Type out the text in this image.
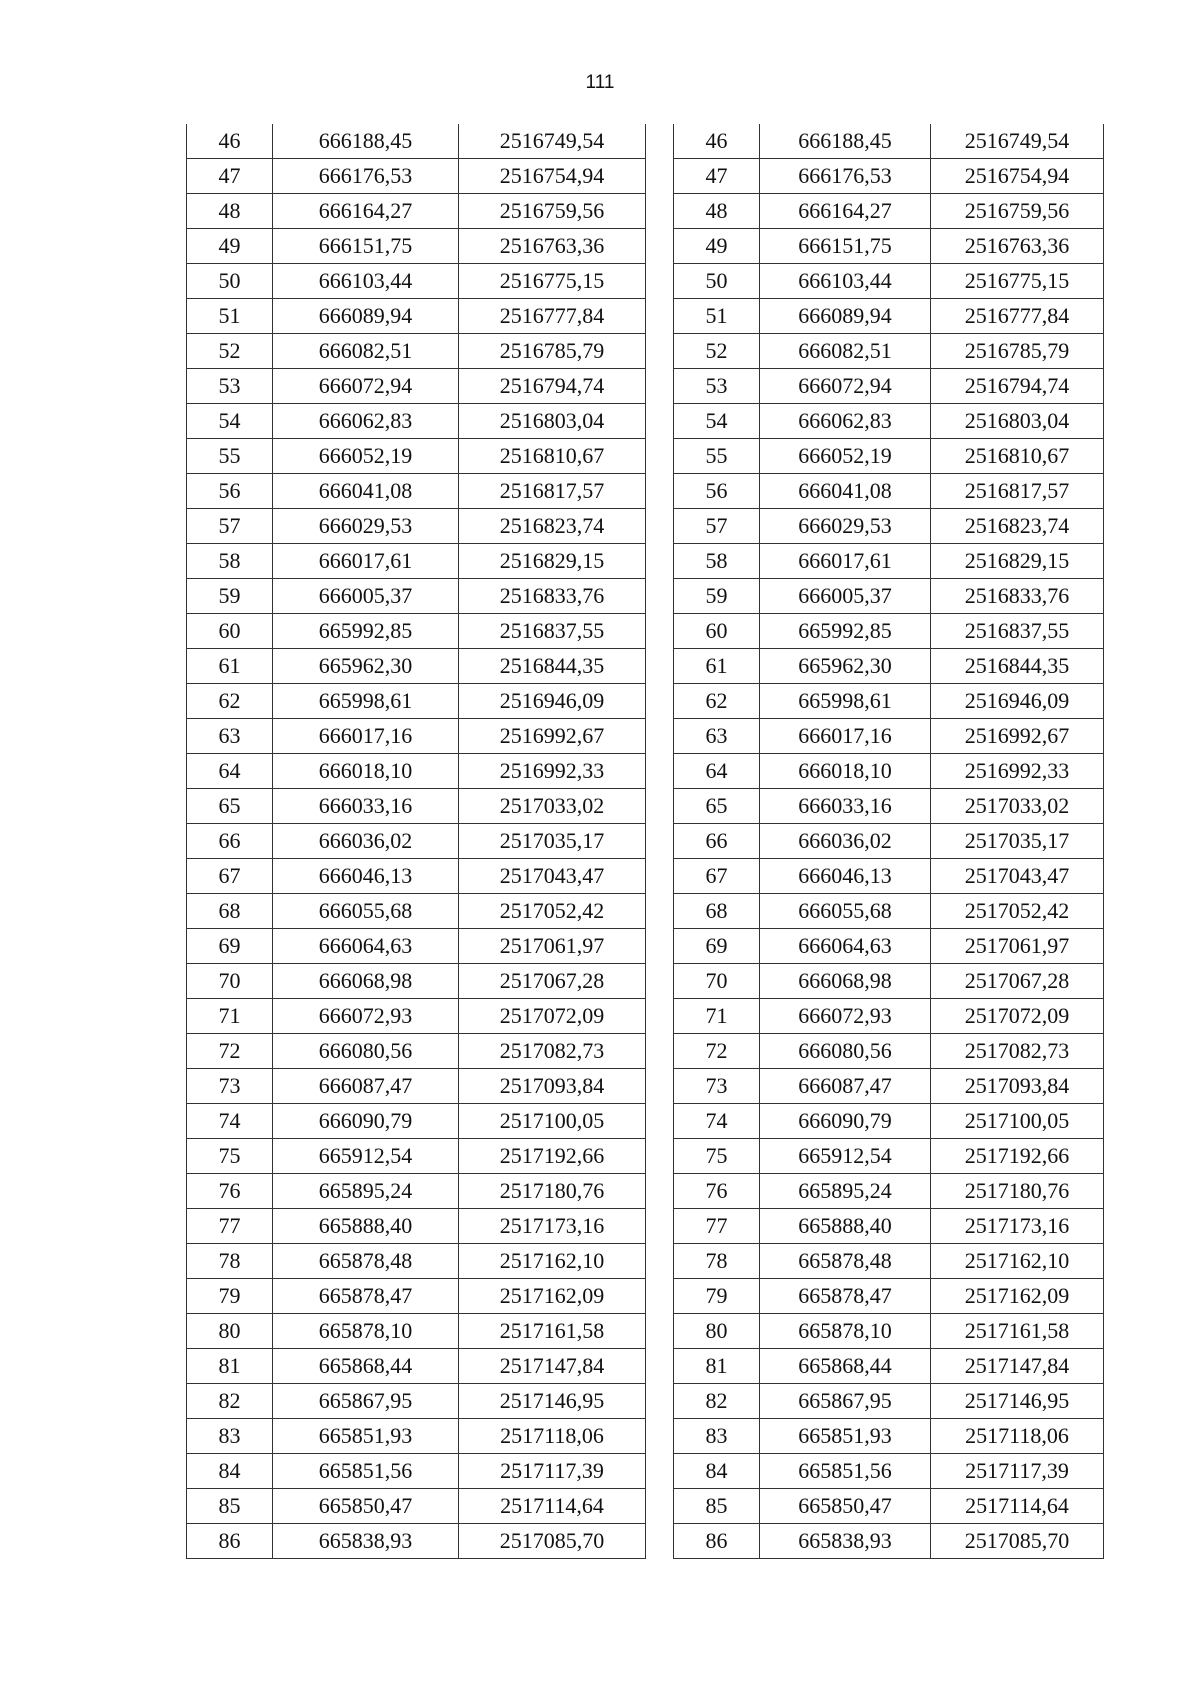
111
46	666188,45	2516749,54
47	666176,53	2516754,94
48	666164,27	2516759,56
49	666151,75	2516763,36
50	666103,44	2516775,15
51	666089,94	2516777,84
52	666082,51	2516785,79
53	666072,94	2516794,74
54	666062,83	2516803,04
55	666052,19	2516810,67
56	666041,08	2516817,57
57	666029,53	2516823,74
58	666017,61	2516829,15
59	666005,37	2516833,76
60	665992,85	2516837,55
61	665962,30	2516844,35
62	665998,61	2516946,09
63	666017,16	2516992,67
64	666018,10	2516992,33
65	666033,16	2517033,02
66	666036,02	2517035,17
67	666046,13	2517043,47
68	666055,68	2517052,42
69	666064,63	2517061,97
70	666068,98	2517067,28
71	666072,93	2517072,09
72	666080,56	2517082,73
73	666087,47	2517093,84
74	666090,79	2517100,05
75	665912,54	2517192,66
76	665895,24	2517180,76
77	665888,40	2517173,16
78	665878,48	2517162,10
79	665878,47	2517162,09
80	665878,10	2517161,58
81	665868,44	2517147,84
82	665867,95	2517146,95
83	665851,93	2517118,06
84	665851,56	2517117,39
85	665850,47	2517114,64
86	665838,93	2517085,70
46	666188,45	2516749,54
47	666176,53	2516754,94
48	666164,27	2516759,56
49	666151,75	2516763,36
50	666103,44	2516775,15
51	666089,94	2516777,84
52	666082,51	2516785,79
53	666072,94	2516794,74
54	666062,83	2516803,04
55	666052,19	2516810,67
56	666041,08	2516817,57
57	666029,53	2516823,74
58	666017,61	2516829,15
59	666005,37	2516833,76
60	665992,85	2516837,55
61	665962,30	2516844,35
62	665998,61	2516946,09
63	666017,16	2516992,67
64	666018,10	2516992,33
65	666033,16	2517033,02
66	666036,02	2517035,17
67	666046,13	2517043,47
68	666055,68	2517052,42
69	666064,63	2517061,97
70	666068,98	2517067,28
71	666072,93	2517072,09
72	666080,56	2517082,73
73	666087,47	2517093,84
74	666090,79	2517100,05
75	665912,54	2517192,66
76	665895,24	2517180,76
77	665888,40	2517173,16
78	665878,48	2517162,10
79	665878,47	2517162,09
80	665878,10	2517161,58
81	665868,44	2517147,84
82	665867,95	2517146,95
83	665851,93	2517118,06
84	665851,56	2517117,39
85	665850,47	2517114,64
86	665838,93	2517085,70
